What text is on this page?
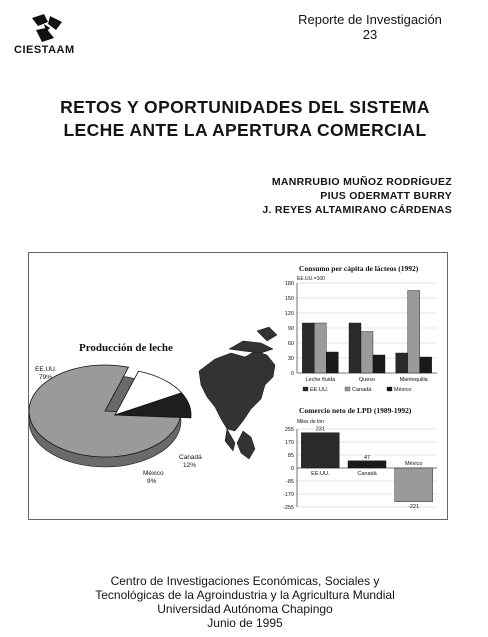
CIESTAAM
Reporte de Investigación
23
RETOS Y OPORTUNIDADES DEL SISTEMA
LECHE ANTE LA APERTURA COMERCIAL
MANRRUBIO MUÑOZ RODRÍGUEZ
PIUS ODERMATT BURRY
J. REYES ALTAMIRANO CÁRDENAS
EE.UU.
79%
Canadá
12%
México
9%
Producción de leche
Consumo per cápita de lácteos (1992)
EE.UU.=100
180
150
120
90
60
30
0
Leche fluida	Queso	Mantequilla
EE.UU.	Canadá	México
Comercio neto de LPD (1989-1992)
Miles de ton
255
170
85
0
-85
-170
-255
231
EE.UU.
47
Canadá
-221
México
Centro de Investigaciones Económicas, Sociales y
Tecnológicas de la Agroindustria y la Agricultura Mundial
Universidad Autónoma Chapingo
Junio de 1995
